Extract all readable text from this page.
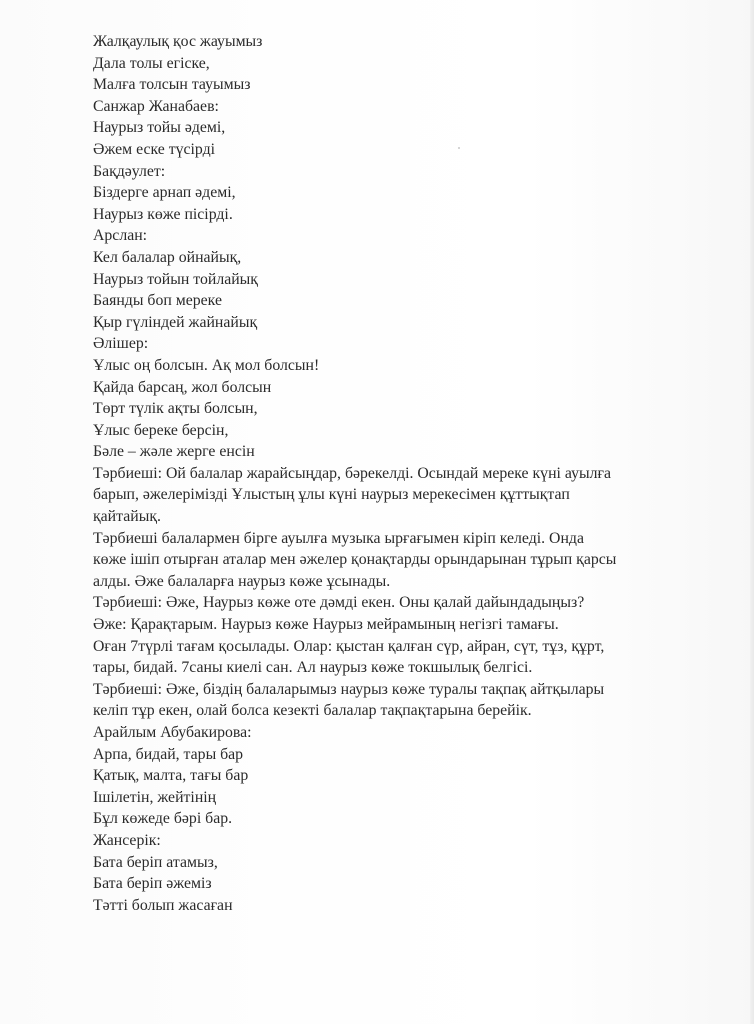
Жалқаулық қос жауымыз
Дала толы егіске,
Малға толсын тауымыз
Санжар Жанабаев:
Наурыз тойы әдемі,
Әжем еске түсірді
Бақдәулет:
Біздерге арнап әдемі,
Наурыз көже пісірді.
Арслан:
Кел балалар ойнайық,
Наурыз тойын тойлайық
Баянды боп мереке
Қыр гүліндей жайнайық
Әлішер:
Ұлыс оң болсын. Ақ мол болсын!
Қайда барсаң, жол болсын
Төрт түлік ақты болсын,
Ұлыс береке берсін,
Бәле – жәле жерге енсін
Тәрбиеші: Ой балалар жарайсыңдар, бәрекелді. Осындай мереке күні ауылға
барып, әжелерімізді Ұлыстың ұлы күні наурыз мерекесімен құттықтап
қайтайық.
Тәрбиеші балалармен бірге ауылға музыка ырғағымен кіріп келеді. Онда
көже ішіп отырған аталар мен әжелер қонақтарды орындарынан тұрып қарсы
алды. Әже балаларға наурыз көже ұсынады.
Тәрбиеші: Әже, Наурыз көже оте дәмді екен. Оны қалай дайындадыңыз?
Әже: Қарақтарым. Наурыз көже Наурыз мейрамының негізгі тамағы.
Оған 7түрлі тағам қосылады. Олар: қыстан қалған сүр, айран, сүт, тұз, құрт,
тары, бидай. 7саны киелі сан. Ал наурыз көже токшылық белгісі.
Тәрбиеші: Әже, біздің балаларымыз наурыз көже туралы тақпақ айтқылары
келіп тұр екен, олай болса кезекті балалар тақпақтарына берейік.
Арайлым Абубакирова:
Арпа, бидай, тары бар
Қатық, малта, тағы бар
Ішілетін, жейтінің
Бұл көжеде бәрі бар.
Жансерік:
Бата беріп атамыз,
Бата беріп әжеміз
Тәтті болып жасаған
